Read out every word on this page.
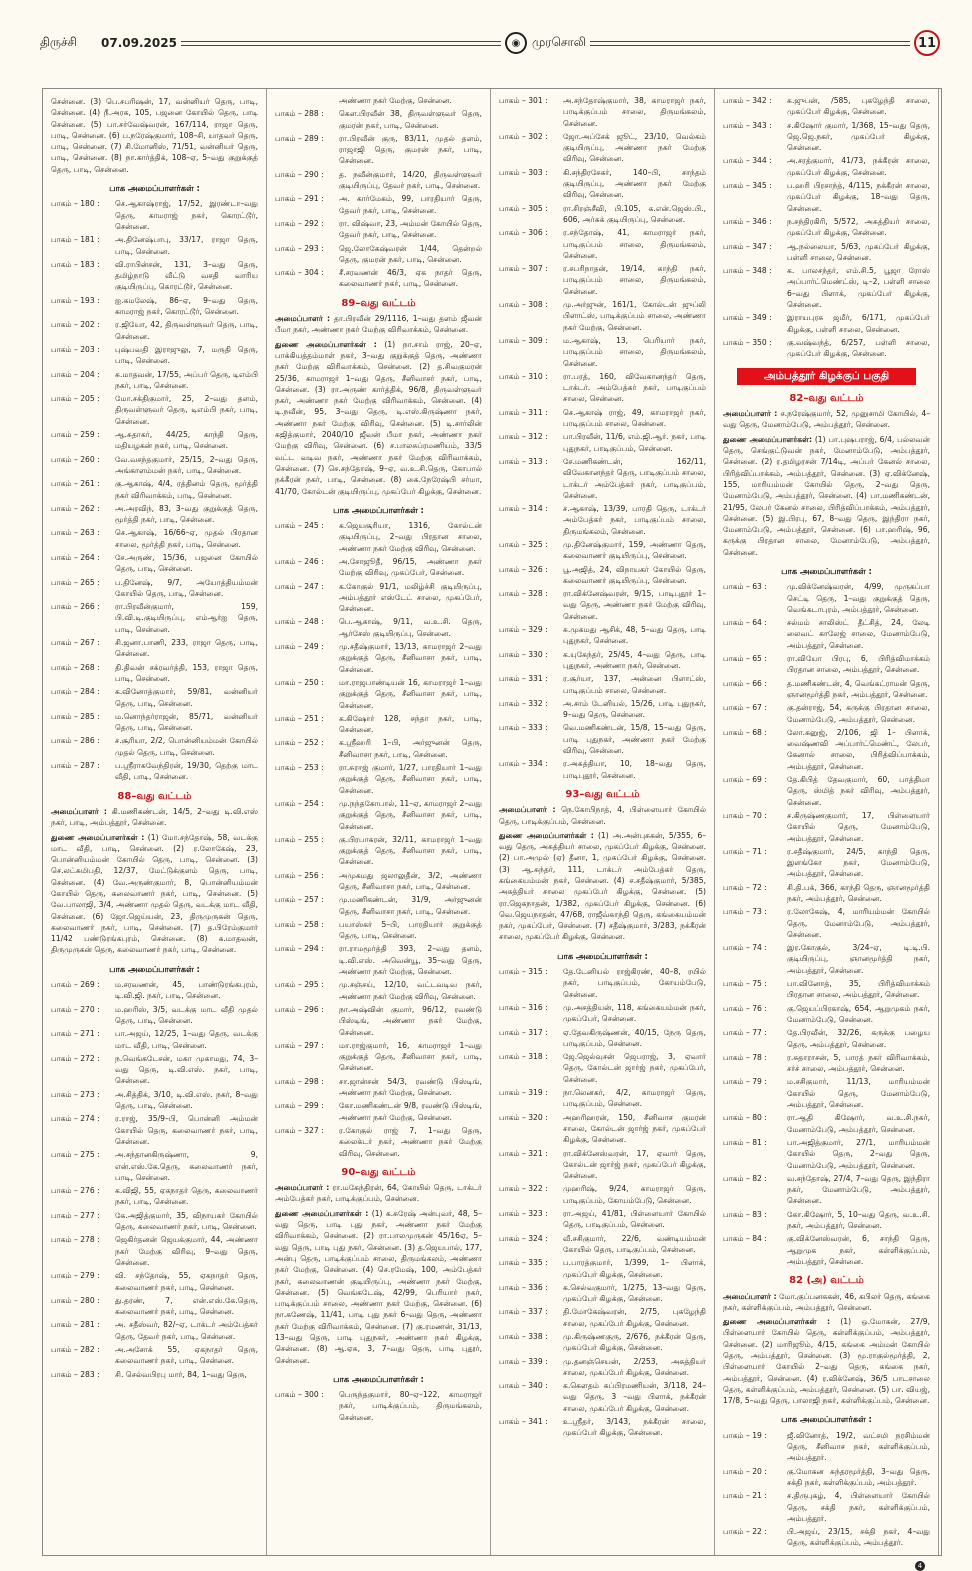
திருச்சி 07.09.2025	◉ முரசொலி	11
சென்னை. (3) பெ.சபரிஷன், 17, வன்னியர் தெரு, பாடி, சென்னை. (4) நீ.அரசு, 105, பஜனை கோயில் தெரு, பாடி சென்னை. (5) பா.சர்வேஷ்வரன், 167/114, ராஜா தெரு, பாடி, சென்னை. (6) ப.நரேஷ்குமார், 108–சி, யாதவர் தெரு, பாடி, சென்னை. (7) சி.மோனிஸ், 71/51, வன்னியர் தெரு, பாடி, சென்னை. (8) நா.கார்த்திக், 108–ஏ, 5–வது குறுக்குத் தெரு, பாடி, சென்னை.
பாக அமைப்பாளர்கள் :
பாகம் – 180 :	செ.ஆகாஷ்ராஜ், 17/52, இரண்டா–வது தெரு, காமராஜ் நகர், கொரட்டூர், சென்னை.
பாகம் – 181 :	அ.தினேஷ்பாபு, 33/17, ராஜா தெரு, பாடி, சென்னை.
பாகம் – 183 :	வி.ராபின்சன், 131, 3–வது தெரு, தமிழ்நாடு வீட்டு வசதி வாரிய குடியிருப்பு, கொரட்டூர், சென்னை.
பாகம் – 193 :	ஐ.கமலேஷ், 86–ஏ, 9–வது தெரு, காமராஜ் நகர், கொரட்டூர், சென்னை.
பாகம் – 202 :	ர.ஜியோ, 42, திருவள்ளுவர் தெரு, பாடி, சென்னை.
பாகம் – 203 :	புஷ்பவதி இராஜுலு, 7, மருதி தெரு, பாடி, சென்னை.
பாகம் – 204 :	சு.மாதவன், 17/55, அப்பர் தெரு, டிஎம்பி நகர், பாடி, சென்னை.
பாகம் – 205 :	மோ.சக்திகுமார், 25, 2–வது தளம், திருவள்ளுவர் தெரு, டிஎம்பி நகர், பாடி, சென்னை.
பாகம் – 259 :	ஆ.சுதாகர், 44/25, காந்தி தெரு, மதியழகன் நகர், பாடி, சென்னை.
பாகம் – 260 :	வே.வசந்தகுமார், 25/15, 2–வது தெரு, அங்காளம்மன் நகர், பாடி, சென்னை.
பாகம் – 261 :	கு.ஆகாஷ், 4/4, ரத்தினம் தெரு, மூர்த்தி நகர் விரிவாக்கம், பாடி, சென்னை.
பாகம் – 262 :	அ.அரவிந், 83, 3–வது குறுக்குத் தெரு, மூர்த்தி நகர், பாடி, சென்னை.
பாகம் – 263 :	செ.ஆகாஷ், 16/66–ஏ, முதல் பிரதான சாலை, மூர்த்தி நகர், பாடி, சென்னை.
பாகம் – 264 :	சே.அருண், 15/36, பஜனை கோயில் தெரு, பாடி, சென்னை.
பாகம் – 265 :	ப.தினேஷ், 9/7, அயோத்தியம்மன் கோயில் தெரு, பாடி, சென்னை.
பாகம் – 266 :	ரா.பிரவீன்குமார், 159, பி.வி.டி.குடியிருப்பு, எம்ஆர்ஐ தெரு, பாடி, சென்னை.
பாகம் – 267 :	சி.ஜனா.பாணி, 233, ராஜா தெரு, பாடி, சென்னை.
பாகம் – 268 :	தி.திவன் சக்ரவர்த்தி, 153, ராஜா தெரு, பாடி, சென்னை.
பாகம் – 284 :	க.வினோத்குமார், 59/81, வன்னியர் தெரு, பாடி, சென்னை.
பாகம் – 285 :	ம.னொந்தர்ராஜன், 85/71, வன்னியர் தெரு, பாடி, சென்னை.
பாகம் – 286 :	ச.சூரியா, 2/2, பொன்னியம்மன் கோயில் முதல் தெரு, பாடி, சென்னை.
பாகம் – 287 :	ப.ஸ்ரீராகவேந்திரன், 19/30, தெற்கு மாட வீதி, பாடி, சென்னை.
88–வது வட்டம்
அமைப்பாளர் : கி.மணிகண்டன், 14/5, 2–வது டி.வி.எஸ் நகர், பாடி, அம்பத்தூர், சென்னை.
துணை அமைப்பாளர்கள் : (1) மோ.சந்தோஷ், 58, வடக்கு மாட வீதி, பாடி, சென்னை. (2) ர.லோகேஷ், 23, பொன்னியம்மன் கோயில் தெரு, பாடி, சென்னை. (3) செ.லட்சுமிபதி, 12/37, மேட்டுக்குளம் தெரு, பாடி, சென்னை. (4) வே.அருண்குமார், 8, பொன்னியம்மன் கோயில் தெரு, கலைவாணர் நகர், பாடி, சென்னை. (5) வே.பாலாஜி, 3/4, அண்ணா முதல் தெரு, வடக்கு மாட வீதி, சென்னை. (6) ஜோ.ஜெய்யன், 23, திருமுருகன் தெரு, கலைவாணர் நகர், பாடி, சென்னை. (7) த.பிரேம்குமார் 11/42 பண்டுரங்கபுரம், சென்னை. (8) க.மாதவன், திருமுருகன் தெரு, கலைவாணர் நகர், பாடி, சென்னை.
பாக அமைப்பாளர்கள் :
பாகம் – 269 :	ம.சரவணன், 45, பாண்டுரங்கபுரம், டி.வி.ஜி. நகர், பாடி, சென்னை.
பாகம் – 270 :	ம.ஹரிஸ், 3/5, வடக்கு மாட வீதி முதல் தெரு, பாடி, சென்னை.
பாகம் – 271 :	பா.அஜய், 12/25, 1–வது தெரு, வடக்கு மாட வீதி, பாடி, சென்னை.
பாகம் – 272 :	ந.வெங்கடேசன், மகா முகாமது, 74, 3–வது தெரு, டி.வி.எஸ். நகர், பாடி, சென்னை.
பாகம் – 273 :	அ.சித்திக், 3/10, டி.வி.எஸ். நகர், 8–வது தெரு, பாடி, சென்னை.
பாகம் – 274 :	ர.ராஜ், 35/9–பி, பொன்னி அம்மன் கோயில் தெரு, கலைவாணர் நகர், பாடி, சென்னை.
பாகம் – 275 :	அ.சந்தானகிருஷ்ணா, 9, என்.எஸ்.கே.தெரு, கலைவாணர் நகர், பாடி, சென்னை.
பாகம் – 276 :	க.விஜி, 55, ஏகநாதர் தெரு, கலைவாணர் நகர், பாடி, சென்னை.
பாகம் – 277 :	கே.அஜித்குமார், 35, விநாயகர் கோயில் தெரு, கலைவாணர் நகர், பாடி, சென்னை.
பாகம் – 278 :	ஜெகிர்தனன் ஜெயக்குமார், 44, அண்ணா நகர் மேற்கு விரிவு, 9–வது தெரு, சென்னை.
பாகம் – 279 :	வி. சந்தோஷ், 55, ஏகநாதர் தெரு, கலைவாணர் நகர், பாடி, சென்னை.
பாகம் – 280 :	து.தரண், 7, என்.எஸ்.கே.தெரு, கலைவாணர் நகர், பாடி, சென்னை.
பாகம் – 281 :	அ. சதீஸ்வர், 82/–ஏ, டாக்டர் அம்பேத்கர் தெரு, தேவர் நகர், பாடி, சென்னை.
பாகம் – 282 :	அ.அசோக் 55, ஏகநாதர் தெரு, கலைவாணர் நகர், பாடி, சென்னை.
பாகம் – 283 :	சி. செல்வபிரபு மார், 84, 1–வது தெரு,
அண்ணா நகர் மேற்கு, சென்னை.
பாகம் – 288 :	கௌ.பிரவீன் 38, திருவள்ளுவர் தெரு, குமரன் நகர், பாடி, சென்னை.
பாகம் – 289 :	ரா.பிரவீன் குரு, 83/11, முதல் தளம், ராஜாஜி தெரு, குமரன் நகர், பாடி, சென்னை.
பாகம் – 290 :	த. நவீன்குமார், 14/20, திருவள்ளுவர் குடியிருப்பு, தேவர் நகர், பாடி, சென்னை.
பாகம் – 291 :	அ. கார்மேகம், 99, பாரதியார் தெரு, தேவர் நகர், பாடி, சென்னை.
பாகம் – 292 :	ரா. விஷ்வா, 23, அம்மன் கோயில் தெரு, தேவர் நகர், பாடி, சென்னை.
பாகம் – 293 :	ஜெ.லோகேஷ்வரன் 1/44, தென்றல் தெரு, குமரன் நகர், பாடி, சென்னை.
பாகம் – 304 :	சீ.சரவணன் 46/3, ஏக நாதர் தெரு, கலைவாணர் நகர், பாடி, சென்னை.
89–வது வட்டம்
அமைப்பாளர் : தா.பிரவீன் 29/1116, 1–வது தளம் ஜீவன் பீமா நகர், அண்ணா நகர் மேற்கு விரிவாக்கம், சென்னை.
துணை அமைப்பாளர்கள் : (1) நா.சாம் ராஜ், 20–ஏ, பாக்கியத்தம்மாள் நகர், 3–வது குறுக்குத் தெரு, அண்ணா நகர் மேற்கு விரிவாக்கம், சென்னை. (2) த.சிவகுமரன் 25/36, காமராஜர் 1–வது தெரு, சீனிவாசர் நகர், பாடி, சென்னை. (3) ரா.அருண் கார்த்திக், 96/8, திருவள்ளுவர் நகர், அண்ணா நகர் மேற்கு விரிவாக்கம், சென்னை. (4) டி.நவீன், 95, 3–வது தெரு, டி.எஸ்.கிருஷ்ணா நகர், அண்ணா நகர் மேற்கு விரிவு, சென்னை. (5) டி.சார்லின் சுஜித்குமார், 2040/10 ஜீவன் பீமா நகர், அண்ணா நகர் மேற்கு விரிவு, சென்னை. (6) ச.பாலசுப்ரமணியம், 33/5 வட்ட வடிவ நகர், அண்ணா நகர் மேற்கு விரிவாக்கம், சென்னை. (7) செ.சந்தோஷ், 9–ஏ, வ.உ.சி.தெரு, கோபால் நக்கீரன் நகர், பாடி, சென்னை. (8) கை.நேரேஷ்பி சர்மா, 41/70, கோல்டன் குடியிருப்பு, முகப்பேர் கிழக்கு, சென்னை.
பாக அமைப்பாளர்கள் :
பாகம் – 245 :	க.ஜெயசூரியா, 1316, கோல்டன் குடியிருப்பு, 2–வது பிரதான சாலை, அண்ணா நகர் மேற்கு விரிவு, சென்னை.
பாகம் – 246 :	அ.சோஜூதீ, 96/15, அண்ணா நகர் மேற்கு விரிவு, முகப்பேர், சென்னை.
பாகம் – 247 :	க.கோகுல் 91/1, மலிழ்ச்சி குடியிருப்பு, அம்பத்தூர் எஸ்டேட் சாலை, முகப்பேர், சென்னை.
பாகம் – 248 :	பெ.ஆகாஷ், 9/11, வ.உ.சி. தெரு, ஆர்சேஸ் குடியிருப்பு, சென்னை.
பாகம் – 249 :	மு.சதீஷ்குமார், 13/13, காமராஜர் 2–வது குறுக்குத் தெரு, சீனிவாசா நகர், பாடி, சென்னை.
பாகம் – 250 :	மா.ராஜபாண்டியன் 16, காமராஜர் 1–வது குறுக்குத் தெரு, சீனிவாசா நகர், பாடி, சென்னை.
பாகம் – 251 :	க.கிஷோர் 128, சந்தா நகர், பாடி, சென்னை.
பாகம் – 252 :	க.ஸ்ரீஹரி 1–பி, அர்ஜுனன் தெரு, சீனிவாசா நகர், பாடி, சென்னை.
பாகம் – 253 :	ரா.சுராஜ் குமார், 1/27, பாரதியார் 1–வது குறுக்குத் தெரு, சீனிவாசா நகர், பாடி, சென்னை.
பாகம் – 254 :	மு.நந்தகோபால், 11–ஏ, காமராஜர் 2–வது குறுக்குத் தெரு, சீனிவாசா நகர், பாடி, சென்னை.
பாகம் – 255 :	கு.பிரபாகரன், 32/11, காமராஜர் 1–வது குறுக்குத் தெரு, சீனிவாசா நகர், பாடி, சென்னை.
பாகம் – 256 :	அமுகமது ஜலாலுதீன், 3/2, அண்ணா தெரு, சீனிவாசா நகர், பாடி, சென்னை.
பாகம் – 257 :	மு.மணிகண்டன், 31/9, அர்ஜுனன் தெரு, சீனிவாசா நகர், பாடி, சென்னை.
பாகம் – 258 :	பயாஸ்கர் 5–பி, பாரதியார் குறுக்குத் தெரு, பாடி, சென்னை.
பாகம் – 294 :	ரா.ராமமூர்த்தி 393, 2–வது தளம், டி.வி.எஸ். அவென்யூ, 35–வது தெரு, அண்ணா நகர் மேற்கு, சென்னை.
பாகம் – 295 :	மு.சஞ்சய், 12/10, வட்டவடிவ நகர், அண்ணா நகர் மேற்கு விரிவு, சென்னை.
பாகம் – 296 :	நா.அஷ்வின் குமார், 96/12, ரவண்டு பிஸ்டிங், அண்ணா நகர் மேற்கு, சென்னை.
பாகம் – 297 :	மா.ராஜ்குமார், 16, காமராஜர் 1–வது குறுக்குத் தெரு, சீனிவாசா நகர், பாடி, சென்னை.
பாகம் – 298 :	சா.ஜான்சன் 54/3, ரவண்டு பிஸ்டிங், அண்ணா நகர் மேற்கு, சென்னை.
பாகம் – 299 :	கோ.மணிகண்டன் 9/8, ரவண்டு பிஸ்டிங், அண்ணா நகர் மேற்கு, சென்னை.
பாகம் – 327 :	ர.கோகுல் ராஜ் 7, 1–வது தெரு, கலைக்டர் நகர், அண்ணா நகர் மேற்கு விரிவு, சென்னை.
90–வது வட்டம்
அமைப்பாளர் : ரா.மகேந்திரன், 64, கோயில் தெரு, டாக்டர் அம்பேத்கர் நகர், பாடிக்குப்பம், சென்னை.
துணை அமைப்பாளர்கள் : (1) க.சுரேஷ் அன்புவர், 48, 5–வது தெரு, பாடி புது நகர், அண்ணா நகர் மேற்கு விரிவாக்கம், சென்னை. (2) ரா.பாலமுருகன் 45/16ஏ, 5–வது தெரு, பாடி புது நகர், சென்னை. (3) த.ஜெயபால், 177, அன்பு தெரு, பாடிக்குப்பம் சாலை, திருமங்கலம், அண்ணா நகர் மேற்கு, சென்னை. (4) செ.ரமேஷ், 100, அம்பேத்கர் நகர், கலைவாணன் குடியிருப்பு, அண்ணா நகர் மேற்கு, சென்னை. (5) வெங்கடேஷ், 42/99, பெரியார் நகர், பாடிக்குப்பம் சாலை, அண்ணா நகர் மேற்கு, சென்னை. (6) நா.கணேஷ், 11/41, பாடி புது நகர் 6–வது தெரு, அண்ணா நகர் மேற்கு விரிவாக்கம், சென்னை. (7) கு.ரமணன், 31/13, 13–வது தெரு, பாடி புதுநகர், அண்ணா நகர் கிழக்கு, சென்னை. (8) ஆ.ஏசு, 3, 7–வது தெரு, பாடி புதூர், சென்னை.
பாக அமைப்பாளர்கள் :
பாகம் – 300 :	பெருந்தகுமார், 80–ஏ–122, காமராஜர் நகர், பாடிக்குப்பம், திருமங்கலம், சென்னை.
பாகம் – 301 :	அ.சந்தோஷ்குமார், 38, காமராஜர் நகர், பாடிக்குப்பம் சாலை, திருமங்கலம், சென்னை.
பாகம் – 302 :	ஜோ.அப்சேக் ஜூட், 23/10, வெல்கம் குடியிருப்பு, அண்ணா நகர் மேற்கு விரிவு, சென்னை.
பாகம் – 303 :	கி.சந்திரசேகர், 140–பி, சாந்தம் குடியிருப்பு, அண்ணா நகர் மேற்கு விரிவு, சென்னை.
பாகம் – 305 :	ரா.சிரஞ்சீவி, பி.105, க.என்.ஜெஸ்.பி., 606, அர்சுக் குடியிருப்பு, சென்னை.
பாகம் – 306 :	ர.சந்தோஷ், 41, காமராஜர் நகர், பாடிகுப்பம் சாலை, திருமங்கலம், சென்னை.
பாகம் – 307 :	ர.சபரிநாதன், 19/14, காந்தி நகர், பாடிகுப்பம் சாலை, திருமங்கலம், சென்னை.
பாகம் – 308 :	மு.அர்ஜுன், 161/1, கோல்டன் ஜுப்லி பிளாட்ஸ், பாடிக்குப்பம் சாலை, அண்ணா நகர் மேற்கு, சென்னை.
பாகம் – 309 :	ம.ஆகாஷ், 13, பெரியார் நகர், பாடிகுப்பம் சாலை, திருமங்கலம், சென்னை.
பாகம் – 310 :	ரா.பரத், 160, விவேகானந்தர் தெரு, டாக்டர். அம்பேத்கர் நகர், பாடிகுப்பம் சாலை, சென்னை.
பாகம் – 311 :	செ.ஆகாஷ் ராஜ், 49, காமராஜர் நகர், பாடிகுப்பம் சாலை, சென்னை.
பாகம் – 312 :	பா.பிரவீன், 11/6, எம்.ஜி.ஆர். நகர், பாடி புதுநகர், பாடிகுப்பம், சென்னை.
பாகம் – 313 :	சே.மணிகண்டன், 162/11, விவேகானந்தர் தெரு, பாடிகுப்பம் சாலை, டாக்டர் அம்பேத்கர் நகர், பாடிகுப்பம், சென்னை.
பாகம் – 314 :	ச.ஆகாஷ், 13/39, பாரதி தெரு, டாக்டர் அம்பேத்கர் நகர், பாடிகுப்பம் சாலை, திருமங்கலம், சென்னை.
பாகம் – 325 :	மு.தினேஷ்குமார், 159, அண்ணா தெரு, கலைவாணர் குடியிருப்பு, சென்னை.
பாகம் – 326 :	பூ.அஜித், 24, விநாயகர் கோயில் தெரு, கலைவாணர் குடியிருப்பு, சென்னை.
பாகம் – 328 :	ரா.விக்னேஷ்வரன், 9/15, பாடிபுதூர் 1–வது தெரு, அண்ணா நகர் மேற்கு விரிவு, சென்னை.
பாகம் – 329 :	சு.முகமது ஆசிக், 48, 5–வது தெரு, பாடி புதுநகர், சென்னை.
பாகம் – 330 :	க.யுகேந்தர், 25/45, 4–வது தெரு, பாடி புதுநகர், அண்ணா நகர், சென்னை.
பாகம் – 331 :	ர.சூர்யா, 137, அன்னை பிளாட்ஸ், பாடிகுப்பம் சாலை, சென்னை.
பாகம் – 332 :	அ.சாம் டேனியல், 15/26, பாடி புதுநகர், 9–வது தெரு, சென்னை.
பாகம் – 333 :	வெ.மணிகண்டன், 15/8, 15–வது தெரு, பாடி புதுநகர், அண்ணா நகர் மேற்கு விரிவு, சென்னை.
பாகம் – 334 :	ர.அசுத்தியா, 10, 18–வது தெரு, பாடிபுதூர், சென்னை.
93–வது வட்டம்
அமைப்பாளர் : நெ.கோபிநாத், 4, பிள்ளையார் கோயில் தெரு, பாடிக்குப்பம், சென்னை.
துணை அமைப்பாளர்கள் : (1) அ.அன்புசுகன், 5/355, 6–வது தெரு, அசுத்தியர் சாலை, முகப்பேர் கிழக்கு, சென்னை. (2) பா.அமுல் (ஏ) தீனா, 1, முகப்பேர் கிழக்கு, சென்னை. (3) ஆ.சுந்தர், 111, டாக்டர் அம்பேத்கர் தெரு, கங்கையம்மன் நகர், சென்னை. (4) ச.சதீஷ்குமார், 5/385, அசுத்தியர் சாலை முகப்பேர் கிழக்கு, சென்னை. (5) ரா.ஜெகநாதன், 1/382, முகப்பேர் கிழக்கு, சென்னை. (6) வெ.ஜெயநாதன், 47/68, ராஜீவ்காந்தி தெரு, கங்கையம்மன் நகர், முகப்பேர், சென்னை. (7) சதீஷ்குமார், 3/283, நக்கீரன் சாலை, முகப்பேர் கிழக்கு, சென்னை.
பாக அமைப்பாளர்கள் :
பாகம் – 315 :	தே.டேனியல் ராஜ்கிரண், 40–8, ரயில் நகர், பாடிகுப்பம், கோயம்பேடு, சென்னை.
பாகம் – 316 :	மு.அசத்தியன், 118, கங்கையம்மன் நகர், முகப்பேர், சென்னை.
பாகம் – 317 :	ஏ.தேவகிருஷ்ணன், 40/15, நேரு தெரு, பாடிகுப்பம், சென்னை.
பாகம் – 318 :	ஜே.ஜெல்வுசன் ஜெபராஜ், 3, ஏவார் தெரு, கோல்டன் ஜார்ஜ் நகர், முகப்பேர், சென்னை.
பாகம் – 319 :	நா.லெனகர், 4/2, காமராஜர் தெரு, பாடிகுப்பம், சென்னை.
பாகம் – 320 :	அஹரிஹரன், 150, சீனிவாச குமரன் சாலை, கோல்டன் ஜார்ஜ் நகர், முகப்பேர் கிழக்கு, சென்னை.
பாகம் – 321 :	ரா.விக்னேஸ்வரன், 17, ஏவார் தெரு, கோல்டன் ஜார்ஜ் நகர், முகப்பேர் கிழக்கு, சென்னை.
பாகம் – 322 :	முஹரிஷ், 9/24, காமராஜர் தெரு, பாடிகுப்பம், கோயம்பேடு, சென்னை.
பாகம் – 323 :	ரா.அஜய், 41/81, பிள்ளையார் கோயில் தெரு, பாடிகுப்பம், சென்னை.
பாகம் – 324 :	வீ.சசிகுமார், 22/6, வண்டியம்மன் கோயில் தெரு, பாடிகுப்பம், சென்னை.
பாகம் – 335 :	ப.பாரத்குமார், 1/399, 1– பிளாக், முகப்பேர் கிழக்கு, சென்னை.
பாகம் – 336 :	க.செல்வகுமார், 1/275, 13–வது தெரு, முகப்பேர் கிழக்கு, சென்னை.
பாகம் – 337 :	தி.மோகேஷ்வரன், 2/75, புகழேந்தி சாலை, முகப்பேர் கிழக்கு, சென்னை.
பாகம் – 338 :	மு.கிருஷ்ணகுரு, 2/676, நக்கீரன் தெரு, முகப்பேர் கிழக்கு, சென்னை.
பாகம் – 339 :	மு.தனஞ்செயன், 2/253, அசுத்தியர் சாலை, முகப்பேர் கிழக்கு, சென்னை.
பாகம் – 340 :	க.கௌதம் சுப்பிரமணியன், 3/118, 24–வது தெரு, 3 –வது பிளாக், நக்கீரன் சாலை, முகப்பேர் கிழக்கு, சென்னை.
பாகம் – 341 :	உ.ஸ்ரீதர், 3/143, நக்கீரன் சாலை, முகப்பேர் கிழக்கு, சென்னை.
பாகம் – 342 :	சு.ஜுபன், /585, புகழேந்தி சாலை, முகப்பேர் கிழக்கு, சென்னை.
பாகம் – 343 :	ச.கிஷோர் குமார், 1/368, 15–வது தெரு, ஜெ.ஜெ.நகர், முகப்பேர் கிழக்கு, சென்னை.
பாகம் – 344 :	அ.சரத்குமார், 41/73, நக்கீரன் சாலை, முகப்பேர் கிழக்கு, சென்னை.
பாகம் – 345 :	ப.ஹரி பிரசாந்த், 4/115, நக்கீரன் சாலை, முகப்பேர் கிழக்கு, 18–வது தெரு, சென்னை.
பாகம் – 346 :	ந.சந்திரகிரி, 5/572, அசுத்தியர் சாலை, முகப்பேர் கிழக்கு, சென்னை.
பாகம் – 347 :	ஆ.நல்லையா, 5/63, முகப்பேர் கிழக்கு, பள்ளி சாலை, சென்னை.
பாகம் – 348 :	க. பாலசந்தர், எம்.சி.5, பூஜா ரோஸ் அப்பார்ட்மெண்ட்ஸ், டி–2, பள்ளி சாலை 6–வது பிளாக், முகப்பேர் கிழக்கு, சென்னை.
பாகம் – 349 :	இராயபுரசு ஜமீர், 6/171, முகப்பேர் கிழக்கு, பள்ளி சாலை, சென்னை.
பாகம் – 350 :	கு.வஷ்வந்த், 6/257, பள்ளி சாலை, முகப்பேர் கிழக்கு, சென்னை.
அம்பத்தூர் கிழக்குப் பகுதி
82–வது வட்டம்
அமைப்பாளர் : ச.நரேஷ்குமார், 52, முனுசாமி கோயில், 4–வது தெரு, மேனாம்பேடு, அம்பத்தூர், சென்னை.
துணை அமைப்பாளர்கள்: (1) பா.புஷபராஜ், 6/4, பல்லவன் தெரு, செங்குட்டுவன் நகர், மேனாம்பேடு, அம்பத்தூர், சென்னை. (2) ர.தமிழரசன் 7/14டி, அப்பர் கேனல் சாலை, பிரித்விப்பாக்கம், அம்பத்தூர், சென்னை. (3) ஏ.விக்னேஷ், 155, மாரியம்மன் கோயில் தெரு, 2–வது தெரு, மேனாம்பேடு, அம்பத்தூர், சென்னை. (4) பா.மணிகண்டன், 21/95, லேபர் கேனல் சாலை, பிரித்விப்பாக்கம், அம்பத்தூர், சென்னை. (5) இ.பிரபு, 67, 8–வது தெரு, இந்திரா நகர், மேனாம்பேடு, அம்பத்தூர், சென்னை. (6) பா.ஹரிஷ், 96, கருக்கு பிரதான சாலை, மேனாம்பேடு, அம்பத்தூர், சென்னை.
பாக அமைப்பாளர்கள் :
பாகம் – 63 :	மு.விக்னேஷ்வரன், 4/99, முருகப்பா செட்டி தெரு, 1–வது குறுக்குத் தெரு, வெங்கடாபுரம், அம்பத்தூர், சென்னை.
பாகம் – 64 :	சல்மம் சாலிஸ்ட் தீட்சித், 24, லேடி லைவட் காலேஜ் சாலை, மேனாம்பேடு, அம்பத்தூர், சென்னை.
பாகம் – 65 :	ரா.வியோ பிரபு, 6, பிரித்விமாக்கம் பிரதான சாலை, அம்பத்தூர், சென்னை.
பாகம் – 66 :	த.மணிகண்டன், 4, வெங்கட்ராமன் தெரு, ஞானமூர்த்தி நகர், அம்பத்தூர், சென்னை.
பாகம் – 67 :	கு.தன்ராஜ், 54, கருக்கு பிரதான சாலை, மேனாம்பேடு, அம்பத்தூர், சென்னை.
பாகம் – 68 :	லோ.கனுஜ், 2/106, ஜி 1– பிளாக், வைஷ்ணவி அப்பார்ட்மெண்ட், லேபர், கேனால் சாலை, பிரித்விப்பாக்கம், அம்பத்தூர், சென்னை.
பாகம் – 69 :	தே.கிபித் தேவகுமார், 60, பாத்திமா தெரு, ஸ்மித் நகர் விரிவு, அம்பத்தூர், சென்னை.
பாகம் – 70 :	ச.கிருஷ்ணகுமார், 17, பிள்ளையார் கோயில் தெரு, மேனாம்பேடு, அம்பத்தூர், சென்னை.
பாகம் – 71 :	ர.சதீஷ்குமார், 24/5, காந்தி தெரு, இளங்கோ நகர், மேனாம்பேடு, அம்பத்தூர், சென்னை.
பாகம் – 72 :	சி.தி.பக், 366, காந்தி தெரு, ஞானமூர்த்தி நகர், அம்பத்தூர், சென்னை.
பாகம் – 73 :	ர.லோகேஷ், 4, மாரியம்மன் கோயில் தெரு, மேனாம்பேடு, அம்பத்தூர், சென்னை.
பாகம் – 74 :	இர.கோகுல், 3/24–ஏ, டி.டி.பி. குடியிருப்பு, ஞானமூர்த்தி நகர், அம்பத்தூர், சென்னை.
பாகம் – 75 :	பா.வினோத், 35, பிரித்விமாக்கம் பிரதான சாலை, அம்பத்தூர், சென்னை.
பாகம் – 76 :	கு.ஜெயப்பிரகாஷ், 654, ஆறுமுகம் நகர், மேனாம்பேடு, சென்னை.
பாகம் – 77 :	தே.பிரவீன், 32/26, கருக்கு பழைய தெரு, அம்பத்தூர், சென்னை.
பாகம் – 78 :	ர.சுதாராசன், 5, பாரத் நகர் விரிவாக்கம், சர்ச் சாலை, அம்பத்தூர், சென்னை.
பாகம் – 79 :	ம.சசிகுமார், 11/13, மாரியம்மன் கோயில் தெரு, மேனாம்பேடு, அம்பத்தூர், சென்னை.
பாகம் – 80 :	ரா.ஆதி கிஷோர், வ.உ.சி.நகர், மேனாம்பேடு, அம்பத்தூர், சென்னை.
பாகம் – 81 :	பா.அஜித்குமார், 27/1, மாரியம்மன் கோயில் தெரு, 2–வது தெரு, மேனாம்பேடு, அம்பத்தூர், சென்னை.
பாகம் – 82 :	வ.சந்தோஷ், 27/4, 7–வது தெரு, இந்திரா நகர், மேனாம்பேடு, அம்பத்தூர், சென்னை.
பாகம் – 83 :	கோ.கிஷோர், 5, 10–வது தெரு, வ.உ.சி. நகர், அம்பத்தூர், சென்னை.
பாகம் – 84 :	கு.விக்னேஸ்வரன், 6, சாந்தி தெரு, ஆறுமுக நகர், கள்ளிக்குப்பம், அம்பத்தூர், சென்னை.
82 (அ) வட்டம்
அமைப்பாளர் : மோ.குப்பனசுகன், 46, கபிலர் தெரு, கங்கை நகர், கள்ளிக்குப்பம், அம்பத்தூர், சென்னை.
துணை அமைப்பாளர்கள் : (1) ஒ.மோகன், 27/9, பிள்ளையார் கோயில் தெரு, கள்ளிக்குப்பம், அம்பத்தூர், சென்னை. (2) மாரிஜூம், 4/15, கங்கை அம்மன் கோயில் தெரு, அம்பத்தூர், சென்னை. (3) மூ.ராகுல்மூர்த்தி, 2, பிள்ளையார் கோயில் 2–வது தெரு, கங்கை நகர், அம்பத்தூர், சென்னை. (4) ர.விக்னேஷ், 36/5 பாடசாலை தெரு, கள்ளிக்குப்பம், அம்பத்தூர், சென்னை. (5) பா. வியஜ், 17/8, 5–வது தெரு, பாலாஜி நகர், கள்ளிக்குப்பம், சென்னை.
பாக அமைப்பாளர்கள் :
பாகம் – 19 :	ஜீ.வினோத், 19/2, வட்சமி நரசிம்மன் தெரு, சீனிவாச நகர், கள்ளிக்குப்பம், அம்பத்தூர்.
பாகம் – 20 :	கு.மோகன சுந்தரமூர்த்தி, 3–வது தெரு, சக்தி நகர், கள்ளிக்குப்பம், அம்பத்தூர்.
பாகம் – 21 :	ச.திருபுகழ், 4, பிள்ளையார் கோயில் தெரு, சக்தி நகர், கள்ளிக்குப்பம், அம்பத்தூர்.
பாகம் – 22 :	பி.அஜய், 23/15, சக்தி நகர், 4–வது தெரு, கள்ளிக்குப்பம், அம்பத்தூர்.
4
